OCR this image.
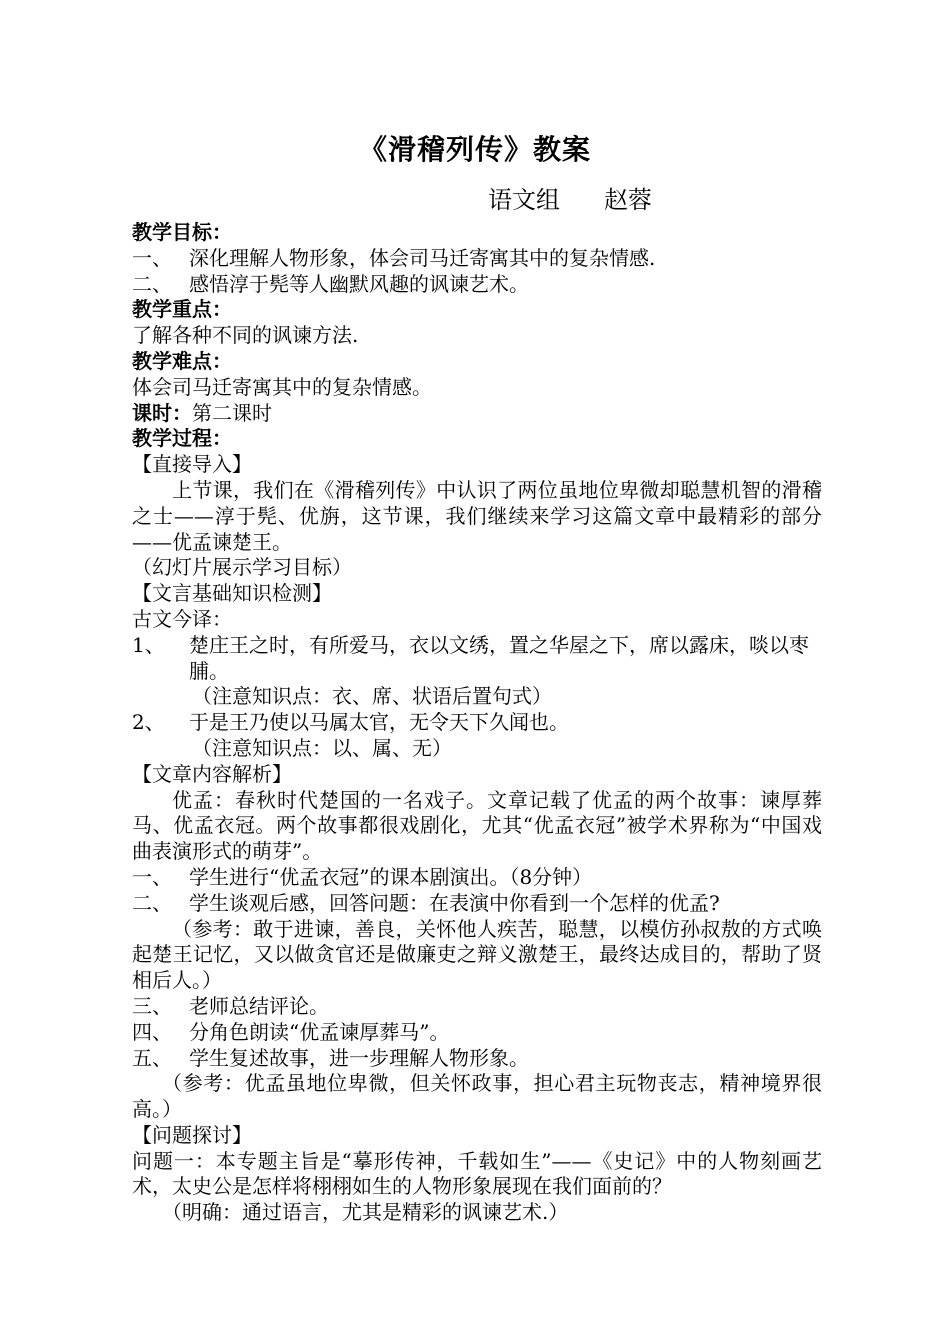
《滑稽列传》教案
语文组 赵蓉

教学目标：

一、 深化理解人物形象，体会司马迁寄寓其中的复杂情感.

二、 感悟淳于髡等人幽默风趣的讽谏艺术。

教学重点：

了解各种不同的讽谏方法.

教学难点：

体会司马迁寄寓其中的复杂情感。

课时：第二课时

教学过程：

【直接导入】

上节课，我们在《滑稽列传》中认识了两位虽地位卑微却聪慧机智的滑稽之士——淳于髡、优旃，这节课，我们继续来学习这篇文章中最精彩的部分——优孟谏楚王。

（幻灯片展示学习目标）

【文言基础知识检测】

古文今译：

1、	楚庄王之时，有所爱马，衣以文绣，置之华屋之下，席以露床，啖以枣脯。

（注意知识点：衣、席、状语后置句式）

2、	于是王乃使以马属太官，无令天下久闻也。

（注意知识点：以、属、无）

【文章内容解析】

优孟：春秋时代楚国的一名戏子。文章记载了优孟的两个故事：谏厚葬马、优孟衣冠。两个故事都很戏剧化，尤其“优孟衣冠”被学术界称为“中国戏曲表演形式的萌芽”。

一、 学生进行“优孟衣冠”的课本剧演出。（8分钟）

二、 学生谈观后感，回答问题：在表演中你看到一个怎样的优孟?

（参考：敢于进谏，善良，关怀他人疾苦，聪慧，以模仿孙叔敖的方式唤起楚王记忆，又以做贪官还是做廉吏之辩义激楚王，最终达成目的，帮助了贤相后人。）

三、 老师总结评论。

四、 分角色朗读“优孟谏厚葬马”。

五、 学生复述故事，进一步理解人物形象。

（参考：优孟虽地位卑微，但关怀政事，担心君主玩物丧志，精神境界很高。）

【问题探讨】

问题一：本专题主旨是“摹形传神，千载如生”——《史记》中的人物刻画艺术，太史公是怎样将栩栩如生的人物形象展现在我们面前的？

（明确：通过语言，尤其是精彩的讽谏艺术.）
